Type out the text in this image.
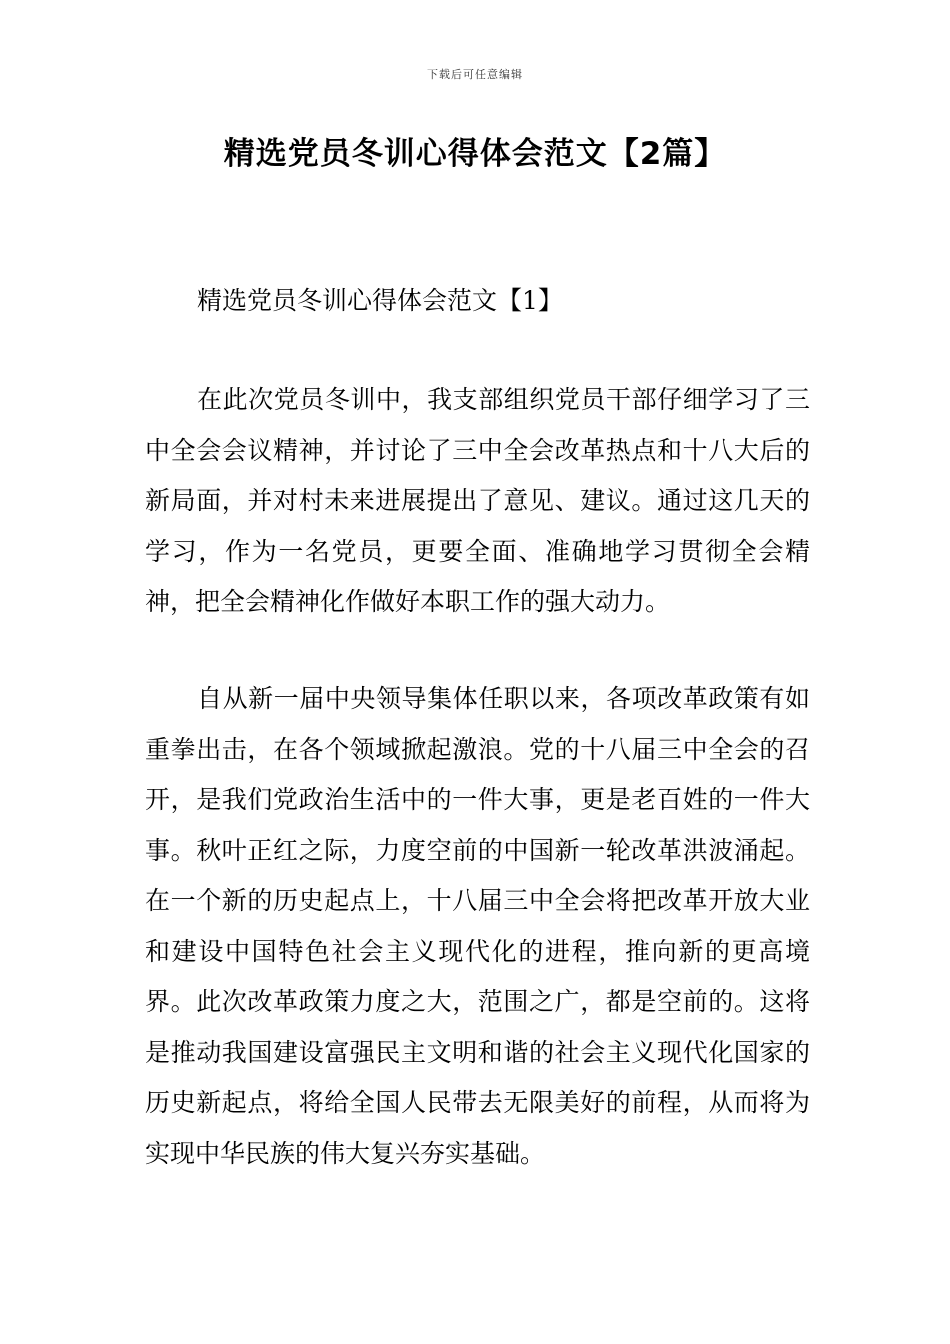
下载后可任意编辑
精选党员冬训心得体会范文【2篇】

精选党员冬训心得体会范文【1】

在此次党员冬训中，我支部组织党员干部仔细学习了三中全会会议精神，并讨论了三中全会改革热点和十八大后的新局面，并对村未来进展提出了意见、建议。通过这几天的学习，作为一名党员，更要全面、准确地学习贯彻全会精神，把全会精神化作做好本职工作的强大动力。

自从新一届中央领导集体任职以来，各项改革政策有如重拳出击，在各个领域掀起激浪。党的十八届三中全会的召开，是我们党政治生活中的一件大事，更是老百姓的一件大事。秋叶正红之际，力度空前的中国新一轮改革洪波涌起。在一个新的历史起点上，十八届三中全会将把改革开放大业和建设中国特色社会主义现代化的进程，推向新的更高境界。此次改革政策力度之大，范围之广，都是空前的。这将是推动我国建设富强民主文明和谐的社会主义现代化国家的历史新起点，将给全国人民带去无限美好的前程，从而将为实现中华民族的伟大复兴夯实基础。
